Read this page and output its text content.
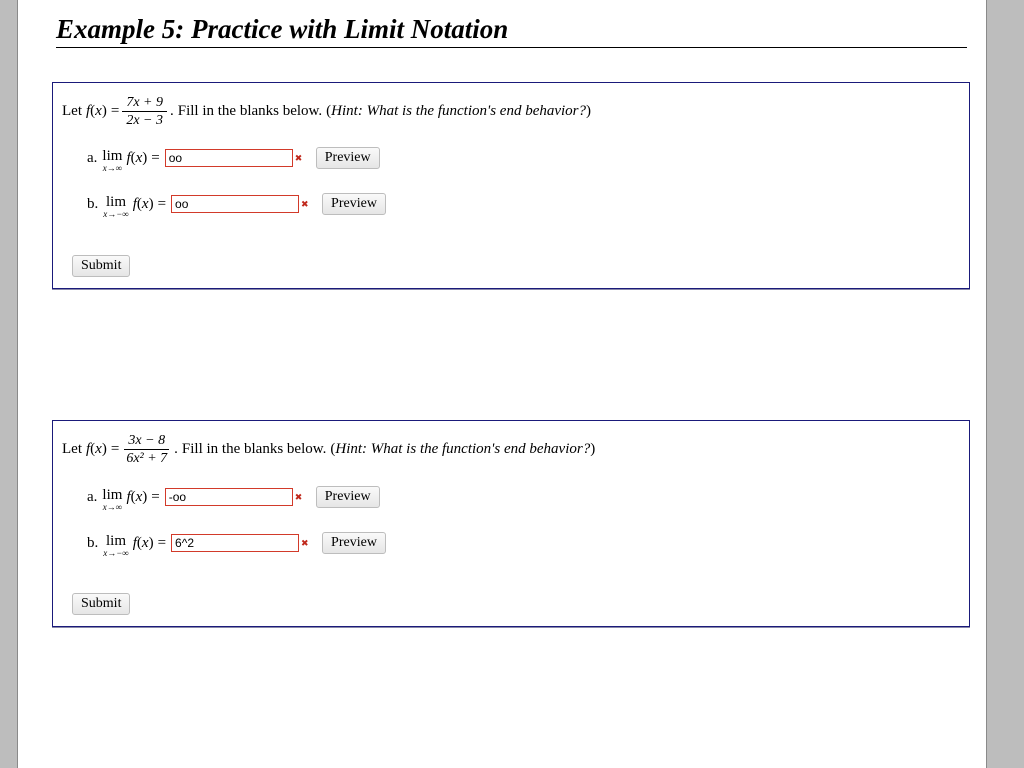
Example 5: Practice with Limit Notation
Let f ( x ) = $\frac{7x + 9}{2x - 3}$ . Fill in the blanks below. ( Hint: What is the function's end behavior? )
a. lim
x→∞
f ( x ) = oo	✖	Preview
b. lim
x→−∞
f ( x ) = oo	✖	Preview
Submit
Let f ( x ) = $\frac{3x - 8}{\text{6x² + 7}}$ . Fill in the blanks below. ( Hint: What is the function's end behavior? )
a. lim
x→∞
f ( x ) = -oo	✖	Preview
b. lim
x→−∞
f ( x ) = 6^2	✖	Preview
Submit
